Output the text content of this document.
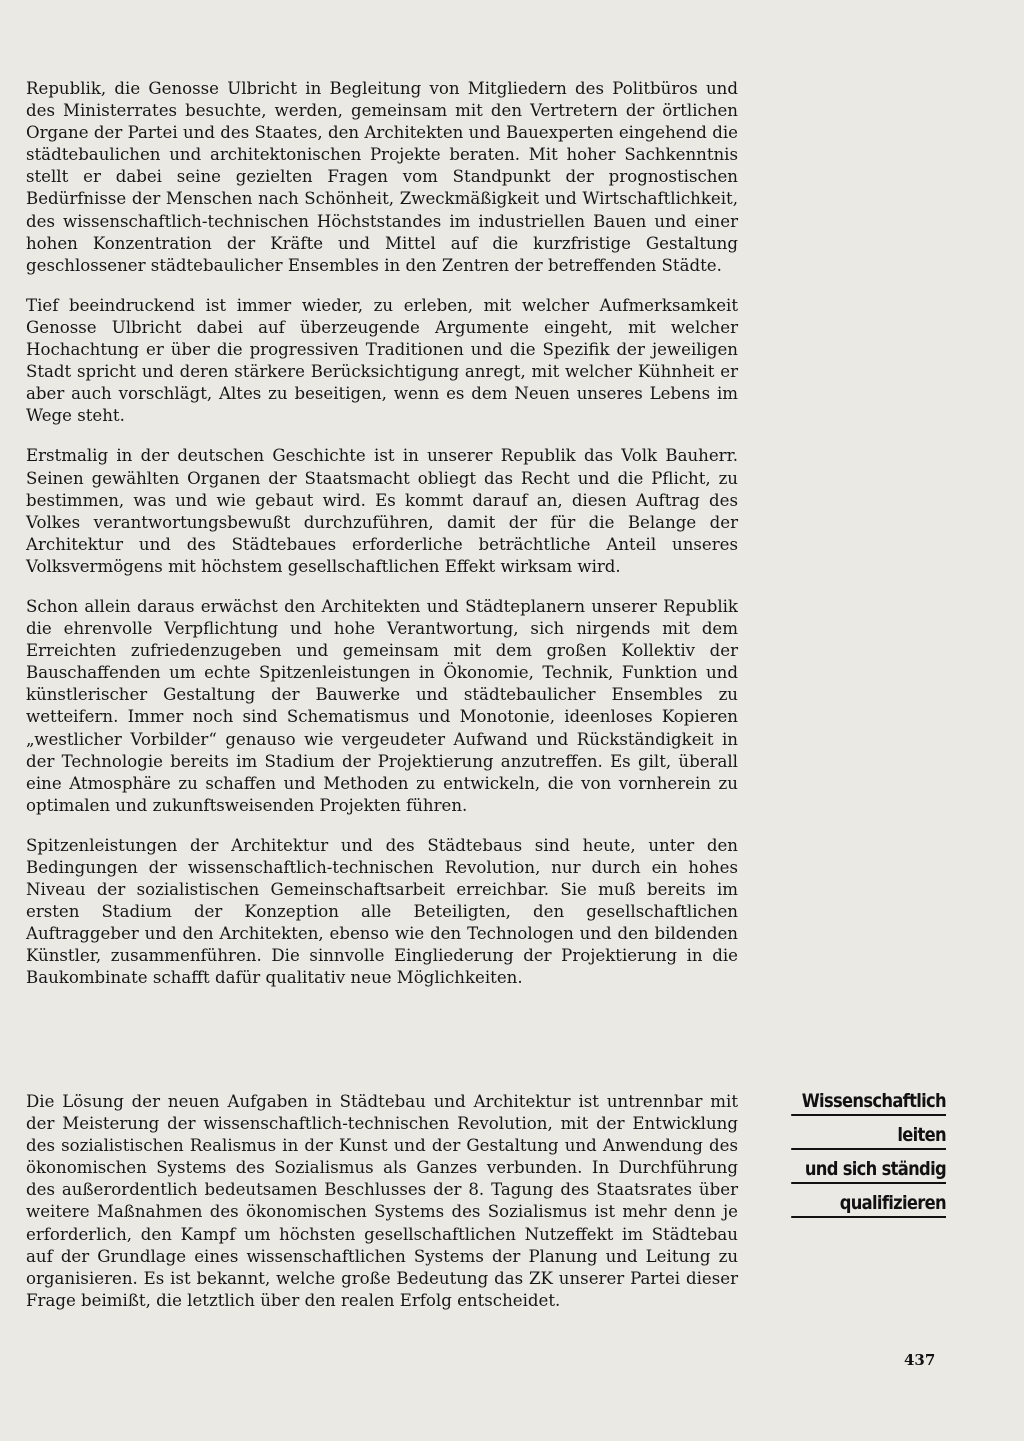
Republik, die Genosse Ulbricht in Begleitung von Mitgliedern des Politbüros und des Ministerrates besuchte, werden, gemeinsam mit den Vertretern der örtlichen Organe der Partei und des Staates, den Architekten und Bauexperten eingehend die städtebaulichen und architektonischen Projekte beraten. Mit hoher Sachkenntnis stellt er dabei seine gezielten Fragen vom Standpunkt der prognostischen Bedürfnisse der Menschen nach Schönheit, Zweckmäßigkeit und Wirtschaftlichkeit, des wissenschaftlich-technischen Höchststandes im industriellen Bauen und einer hohen Konzentration der Kräfte und Mittel auf die kurzfristige Gestaltung geschlossener städtebaulicher Ensembles in den Zentren der betreffenden Städte.

Tief beeindruckend ist immer wieder, zu erleben, mit welcher Aufmerksamkeit Genosse Ulbricht dabei auf überzeugende Argumente eingeht, mit welcher Hochachtung er über die progressiven Traditionen und die Spezifik der jeweiligen Stadt spricht und deren stärkere Berücksichtigung anregt, mit welcher Kühnheit er aber auch vorschlägt, Altes zu beseitigen, wenn es dem Neuen unseres Lebens im Wege steht.

Erstmalig in der deutschen Geschichte ist in unserer Republik das Volk Bauherr. Seinen gewählten Organen der Staatsmacht obliegt das Recht und die Pflicht, zu bestimmen, was und wie gebaut wird. Es kommt darauf an, diesen Auftrag des Volkes verantwortungsbewußt durchzuführen, damit der für die Belange der Architektur und des Städtebaues erforderliche beträchtliche Anteil unseres Volksvermögens mit höchstem gesellschaftlichen Effekt wirksam wird.

Schon allein daraus erwächst den Architekten und Städteplanern unserer Republik die ehrenvolle Verpflichtung und hohe Verantwortung, sich nirgends mit dem Erreichten zufriedenzugeben und gemeinsam mit dem großen Kollektiv der Bauschaffenden um echte Spitzenleistungen in Ökonomie, Technik, Funktion und künstlerischer Gestaltung der Bauwerke und städtebaulicher Ensembles zu wetteifern. Immer noch sind Schematismus und Monotonie, ideenloses Kopieren „westlicher Vorbilder“ genauso wie vergeudeter Aufwand und Rückständigkeit in der Technologie bereits im Stadium der Projektierung anzutreffen. Es gilt, überall eine Atmosphäre zu schaffen und Methoden zu entwickeln, die von vornherein zu optimalen und zukunftsweisenden Projekten führen.

Spitzenleistungen der Architektur und des Städtebaus sind heute, unter den Bedingungen der wissenschaftlich-technischen Revolution, nur durch ein hohes Niveau der sozialistischen Gemeinschaftsarbeit erreichbar. Sie muß bereits im ersten Stadium der Konzeption alle Beteiligten, den gesellschaftlichen Auftraggeber und den Architekten, ebenso wie den Technologen und den bildenden Künstler, zusammenführen. Die sinnvolle Eingliederung der Projektierung in die Baukombinate schafft dafür qualitativ neue Möglichkeiten.

Die Lösung der neuen Aufgaben in Städtebau und Architektur ist untrennbar mit der Meisterung der wissenschaftlich-technischen Revolution, mit der Entwicklung des sozialistischen Realismus in der Kunst und der Gestaltung und Anwendung des ökonomischen Systems des Sozialismus als Ganzes verbunden. In Durchführung des außerordentlich bedeutsamen Beschlusses der 8. Tagung des Staatsrates über weitere Maßnahmen des ökonomischen Systems des Sozialismus ist mehr denn je erforderlich, den Kampf um höchsten gesellschaftlichen Nutzeffekt im Städtebau auf der Grundlage eines wissenschaftlichen Systems der Planung und Leitung zu organisieren. Es ist bekannt, welche große Bedeutung das ZK unserer Partei dieser Frage beimißt, die letztlich über den realen Erfolg entscheidet.

Wissenschaftlich
leiten
und sich ständig
qualifizieren
437
